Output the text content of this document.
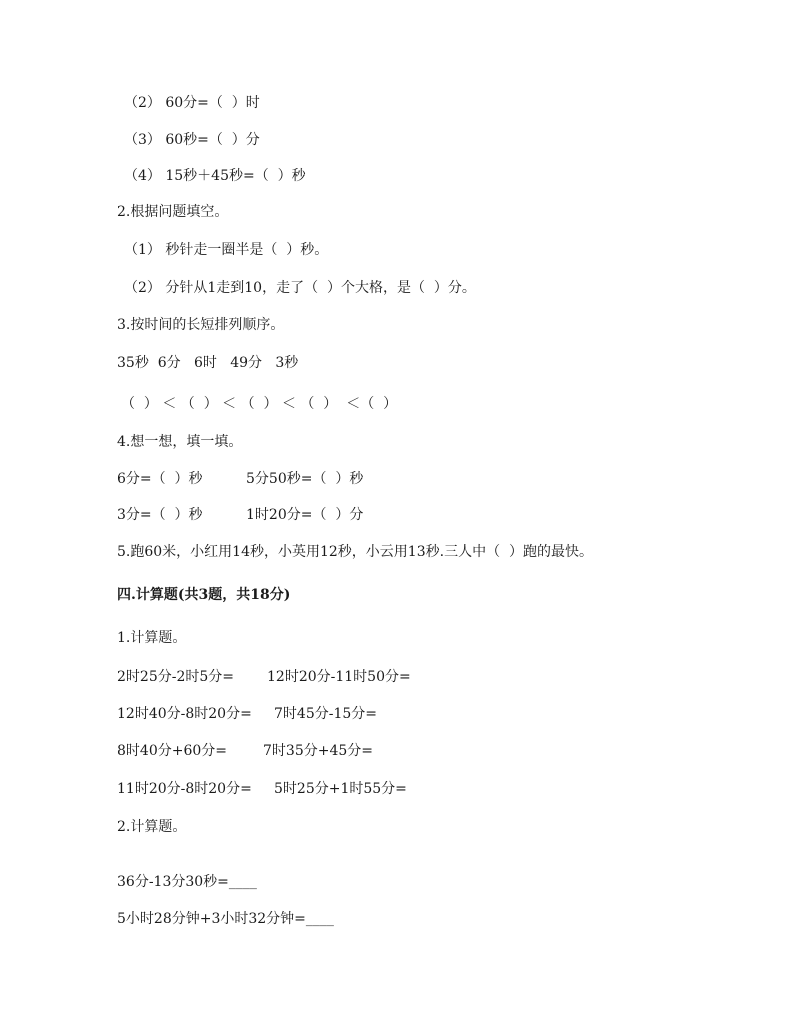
（2） 60分=（  ）时
（3） 60秒=（  ）分
（4） 15秒＋45秒=（  ）秒
2.根据问题填空。
（1） 秒针走一圈半是（  ）秒。
（2） 分针从1走到10，走了（  ）个大格，是（  ）分。
3.按时间的长短排列顺序。
35秒  6分   6时   49分   3秒
（  ） ＜ （  ） ＜ （  ） ＜ （  ）  ＜（  ）
4.想一想，填一填。
6分=（  ）秒	5分50秒=（  ）秒
3分=（  ）秒	1时20分=（  ）分
5.跑60米，小红用14秒，小英用12秒，小云用13秒.三人中（  ）跑的最快。
四.计算题(共3题，共18分)
1.计算题。
2时25分-2时5分= 12时20分-11时50分=
12时40分-8时20分= 7时45分-15分=
8时40分+60分=	7时35分+45分=
11时20分-8时20分= 5时25分+1时55分=
2.计算题。
36分-13分30秒=____
5小时28分钟+3小时32分钟=____
